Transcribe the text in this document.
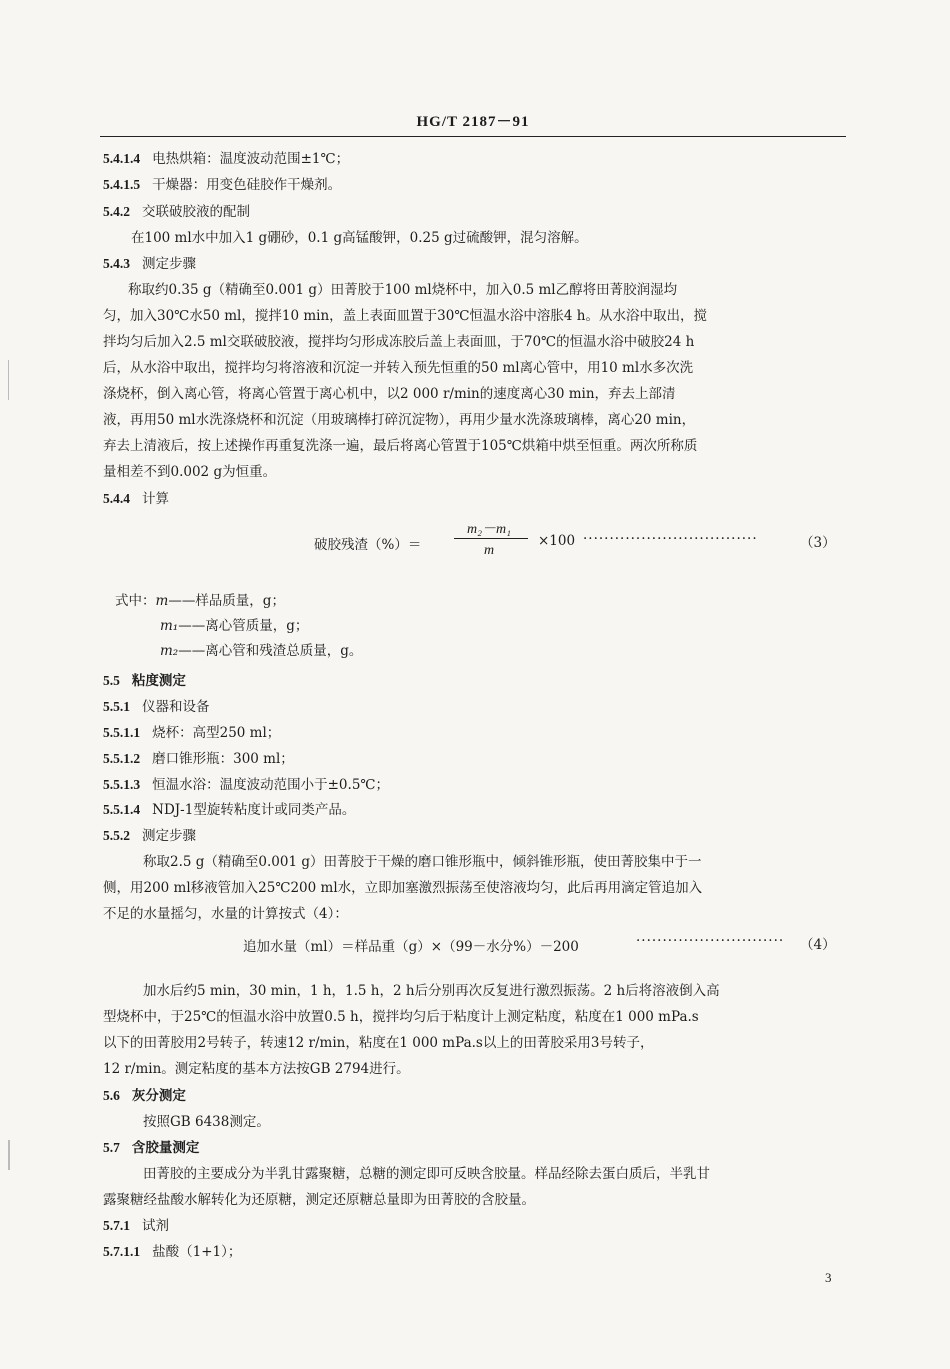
HG/T 2187－91
5.4.1.4 电热烘箱：温度波动范围±1℃；
5.4.1.5 干燥器：用变色硅胶作干燥剂。
5.4.2 交联破胶液的配制
在100 ml水中加入1 g硼砂，0.1 g高锰酸钾，0.25 g过硫酸钾，混匀溶解。
5.4.3 测定步骤
称取约0.35 g（精确至0.001 g）田菁胶于100 ml烧杯中，加入0.5 ml乙醇将田菁胶润湿均
匀，加入30℃水50 ml，搅拌10 min，盖上表面皿置于30℃恒温水浴中溶胀4 h。从水浴中取出，搅
拌均匀后加入2.5 ml交联破胶液，搅拌均匀形成冻胶后盖上表面皿，于70℃的恒温水浴中破胶24 h
后，从水浴中取出，搅拌均匀将溶液和沉淀一并转入预先恒重的50 ml离心管中，用10 ml水多次洗
涤烧杯，倒入离心管，将离心管置于离心机中，以2 000 r/min的速度离心30 min，弃去上部清
液，再用50 ml水洗涤烧杯和沉淀（用玻璃棒打碎沉淀物），再用少量水洗涤玻璃棒，离心20 min，
弃去上清液后，按上述操作再重复洗涤一遍，最后将离心管置于105℃烘箱中烘至恒重。两次所称质
量相差不到0.002 g为恒重。
5.4.4 计算
破胶残渣（%）＝
m₂－m₁
m
×100 ·································	（3）
式中：m——样品质量，g；
m₁——离心管质量，g；
m₂——离心管和残渣总质量，g。
5.5 粘度测定
5.5.1 仪器和设备
5.5.1.1 烧杯：高型250 ml；
5.5.1.2 磨口锥形瓶：300 ml；
5.5.1.3 恒温水浴：温度波动范围小于±0.5℃；
5.5.1.4 NDJ-1型旋转粘度计或同类产品。
5.5.2 测定步骤
称取2.5 g（精确至0.001 g）田菁胶于干燥的磨口锥形瓶中，倾斜锥形瓶，使田菁胶集中于一
侧，用200 ml移液管加入25℃200 ml水，立即加塞激烈振荡至使溶液均匀，此后再用滴定管追加入
不足的水量摇匀，水量的计算按式（4）：
追加水量（ml）＝样品重（g）×（99－水分%）－200	···························· （4）
加水后约5 min，30 min，1 h，1.5 h，2 h后分别再次反复进行激烈振荡。2 h后将溶液倒入高
型烧杯中，于25℃的恒温水浴中放置0.5 h，搅拌均匀后于粘度计上测定粘度，粘度在1 000 mPa.s
以下的田菁胶用2号转子，转速12 r/min，粘度在1 000 mPa.s以上的田菁胶采用3号转子，
12 r/min。测定粘度的基本方法按GB 2794进行。
5.6 灰分测定
按照GB 6438测定。
5.7 含胶量测定
田菁胶的主要成分为半乳甘露聚糖，总糖的测定即可反映含胶量。样品经除去蛋白质后，半乳甘
露聚糖经盐酸水解转化为还原糖，测定还原糖总量即为田菁胶的含胶量。
5.7.1 试剂
5.7.1.1 盐酸（1+1）；
3
